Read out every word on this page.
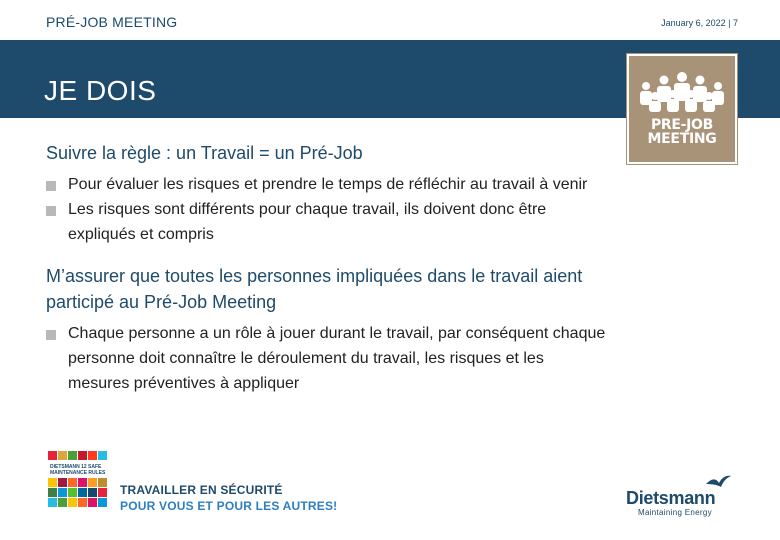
PRÉ-JOB MEETING	January 6, 2022 | 7
JE DOIS
PRE-JOB
MEETING
Suivre la règle : un Travail = un Pré-Job
Pour évaluer les risques et prendre le temps de réfléchir au travail à venir
Les risques sont différents pour chaque travail, ils doivent donc être expliqués et compris
M’assurer que toutes les personnes impliquées dans le travail aient participé au Pré-Job Meeting
Chaque personne a un rôle à jouer durant le travail, par conséquent chaque personne doit connaître le déroulement du travail, les risques et les mesures préventives à appliquer
DIETSMANN 12 SAFE
MAINTENANCE RULES
TRAVAILLER EN SÉCURITÉ
POUR VOUS ET POUR LES AUTRES!	Dietsmann
Maintaining Energy
